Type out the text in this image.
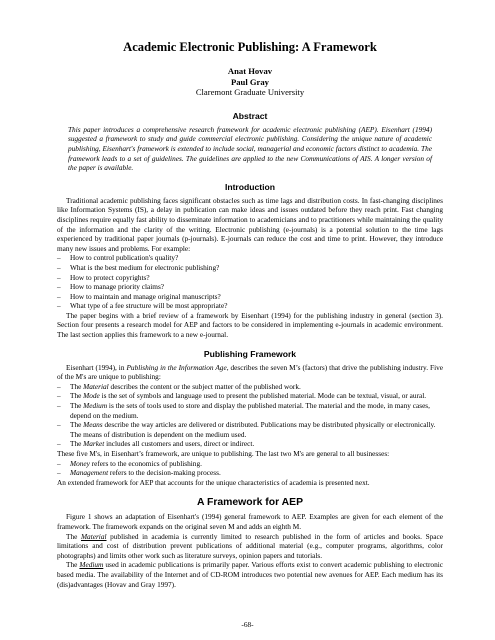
Academic Electronic Publishing: A Framework
Anat Hovav
Paul Gray
Claremont Graduate University
Abstract

This paper introduces a comprehensive research framework for academic electronic publishing (AEP). Eisenhart (1994) suggested a framework to study and guide commercial electronic publishing. Considering the unique nature of academic publishing, Eisenhart's framework is extended to include social, managerial and economic factors distinct to academia. The framework leads to a set of guidelines. The guidelines are applied to the new Communications of AIS. A longer version of the paper is available.

Introduction

Traditional academic publishing faces significant obstacles such as time lags and distribution costs. In fast-changing disciplines like Information Systems (IS), a delay in publication can make ideas and issues outdated before they reach print. Fast changing disciplines require equally fast ability to disseminate information to academicians and to practitioners while maintaining the quality of the information and the clarity of the writing. Electronic publishing (e-journals) is a potential solution to the time lags experienced by traditional paper journals (p-journals). E-journals can reduce the cost and time to print. However, they introduce many new issues and problems. For example:

– How to control publication's quality?
– What is the best medium for electronic publishing?
– How to protect copyrights?
– How to manage priority claims?
– How to maintain and manage original manuscripts?
– What type of a fee structure will be most appropriate?

The paper begins with a brief review of a framework by Eisenhart (1994) for the publishing industry in general (section 3). Section four presents a research model for AEP and factors to be considered in implementing e-journals in academic environment. The last section applies this framework to a new e-journal.

Publishing Framework

Eisenhart (1994), in Publishing in the Information Age, describes the seven M’s (factors) that drive the publishing industry. Five of the M's are unique to publishing:

– The Material describes the content or the subject matter of the published work.
– The Mode is the set of symbols and language used to present the published material. Mode can be textual, visual, or aural.
– The Medium is the sets of tools used to store and display the published material. The material and the mode, in many cases, depend on the medium.
– The Means describe the way articles are delivered or distributed. Publications may be distributed physically or electronically. The means of distribution is dependent on the medium used.
– The Market includes all customers and users, direct or indirect.

These five M's, in Eisenhart’s framework, are unique to publishing. The last two M's are general to all businesses:

– Money refers to the economics of publishing.
– Management refers to the decision-making process.

An extended framework for AEP that accounts for the unique characteristics of academia is presented next.

A Framework for AEP

Figure 1 shows an adaptation of Eisenhart's (1994) general framework to AEP. Examples are given for each element of the framework. The framework expands on the original seven M and adds an eighth M.

The Material published in academia is currently limited to research published in the form of articles and books. Space limitations and cost of distribution prevent publications of additional material (e.g., computer programs, algorithms, color photographs) and limits other work such as literature surveys, opinion papers and tutorials.

The Medium used in academic publications is primarily paper. Various efforts exist to convert academic publishing to electronic based media. The availability of the Internet and of CD-ROM introduces two potential new avenues for AEP. Each medium has its (dis)advantages (Hovav and Gray 1997).

-68-
